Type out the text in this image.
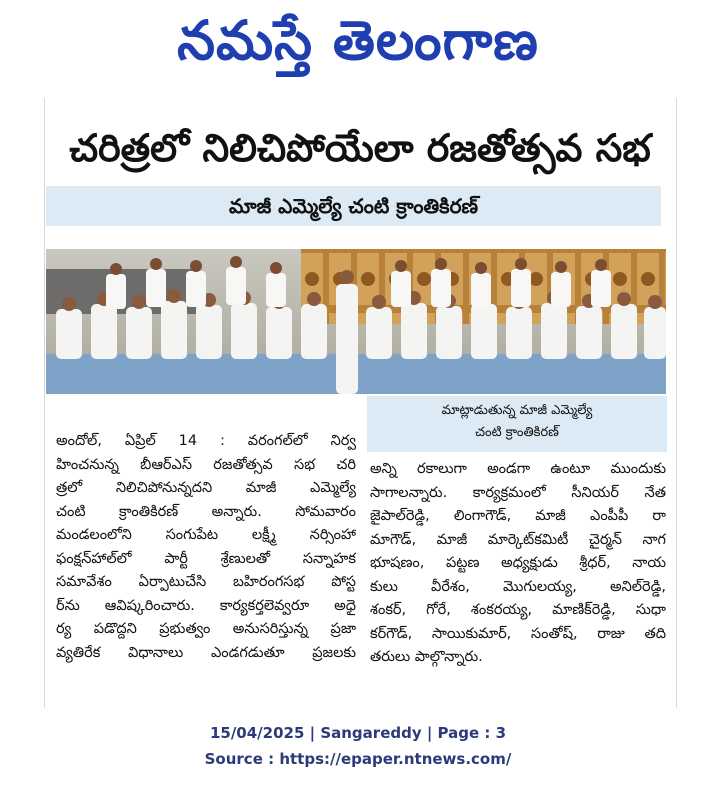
నమస్తే తెలంగాణ
చరిత్రలో నిలిచిపోయేలా రజతోత్సవ సభ
మాజీ ఎమ్మెల్యే చంటి క్రాంతికిరణ్
మాట్లాడుతున్న మాజీ ఎమ్మెల్యే
చంటి క్రాంతికిరణ్
అందోల్, ఏప్రిల్ 14 : వరంగల్‌లో నిర్వ
హించనున్న బీఆర్‌ఎస్ రజతోత్సవ సభ చరి
త్రలో నిలిచిపోనున్నదని మాజీ ఎమ్మెల్యే
చంటి క్రాంతికిరణ్ అన్నారు. సోమవారం
మండలంలోని సంగుపేట లక్ష్మీ నర్సింహా
ఫంక్షన్‌హాల్‌లో పార్టీ శ్రేణులతో సన్నాహక
సమావేశం ఏర్పాటుచేసి బహిరంగసభ పోస్ట
ర్‌ను ఆవిష్కరించారు. కార్యకర్తలెవ్వరూ అధై
ర్య పడొద్దని ప్రభుత్వం అనుసరిస్తున్న ప్రజా
వ్యతిరేక విధానాలు ఎండగడుతూ ప్రజలకు
అన్ని రకాలుగా అండగా ఉంటూ ముందుకు
సాగాలన్నారు. కార్యక్రమంలో సీనియర్ నేత
జైపాల్‌రెడ్డి, లింగాగౌడ్, మాజీ ఎంపీపీ రా
మాగౌడ్, మాజీ మార్కెట్‌కమిటీ చైర్మన్ నాగ
భూషణం, పట్టణ అధ్యక్షుడు శ్రీధర్, నాయ
కులు వీరేశం, మొగులయ్య, అనిల్‌రెడ్డి,
శంకర్, గోరే, శంకరయ్య, మాణిక్‌రెడ్డి, సుధా
కర్‌గౌడ్, సాయికుమార్, సంతోష్, రాజు తది
తరులు పాల్గొన్నారు.
15/04/2025 | Sangareddy | Page : 3
Source : https://epaper.ntnews.com/
